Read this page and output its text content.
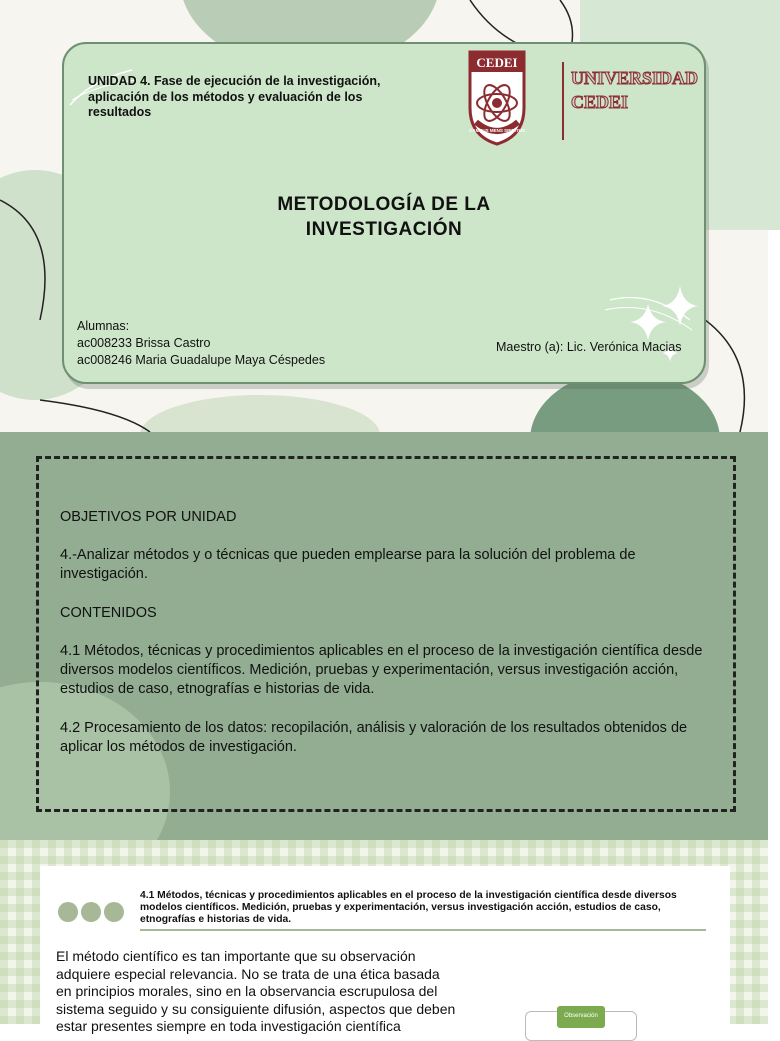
UNIDAD 4. Fase de ejecución de la investigación, aplicación de los métodos y evaluación de los resultados
CEDEI
CAMPUS MENS SPIRITUS
UNIVERSIDAD
CEDEI
METODOLOGÍA DE LA INVESTIGACIÓN
Alumnas:
ac008233 Brissa Castro
ac008246 Maria Guadalupe Maya Céspedes
Maestro (a): Lic. Verónica Macias
OBJETIVOS POR UNIDAD
4.-Analizar métodos y o técnicas que pueden emplearse para la solución del problema de investigación.
CONTENIDOS
4.1 Métodos, técnicas y procedimientos aplicables en el proceso de la investigación científica desde diversos modelos científicos. Medición, pruebas y experimentación, versus investigación acción, estudios de caso, etnografías e historias de vida.
4.2 Procesamiento de los datos: recopilación, análisis y valoración de los resultados obtenidos de aplicar los métodos de investigación.
4.1 Métodos, técnicas y procedimientos aplicables en el proceso de la investigación científica desde diversos modelos científicos. Medición, pruebas y experimentación, versus investigación acción, estudios de caso, etnografías e historias de vida.
El método científico es tan importante que su observación adquiere especial relevancia. No se trata de una ética basada en principios morales, sino en la observancia escrupulosa del sistema seguido y su consiguiente difusión, aspectos que deben estar presentes siempre en toda investigación científica
Observación
